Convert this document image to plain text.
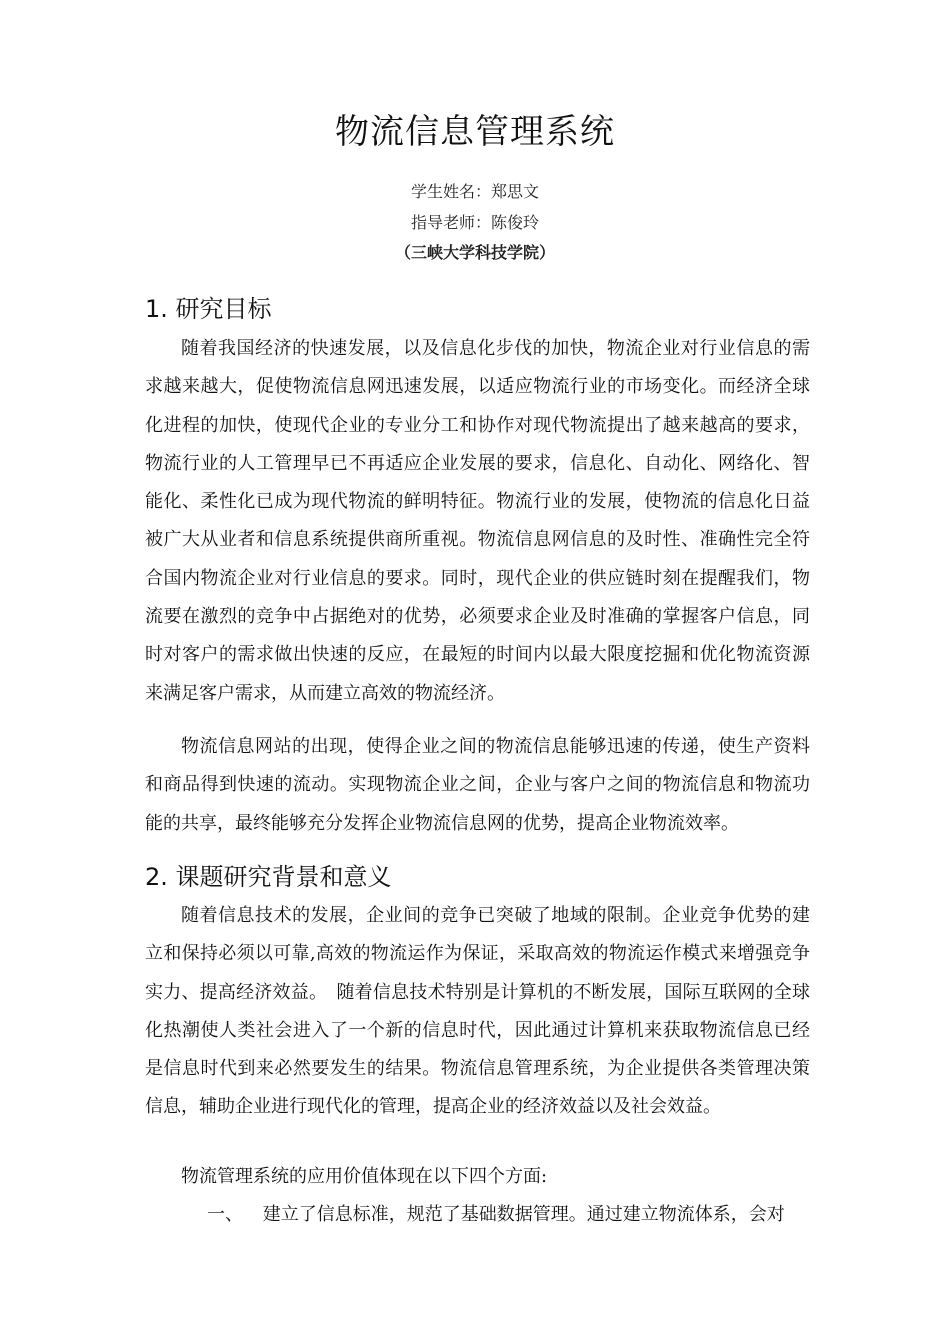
物流信息管理系统
学生姓名：郑思文
指导老师：陈俊玲
（三峡大学科技学院）
1. 研究目标

随着我国经济的快速发展，以及信息化步伐的加快，物流企业对行业信息的需求越来越大，促使物流信息网迅速发展，以适应物流行业的市场变化。而经济全球化进程的加快，使现代企业的专业分工和协作对现代物流提出了越来越高的要求，物流行业的人工管理早已不再适应企业发展的要求，信息化、自动化、网络化、智能化、柔性化已成为现代物流的鲜明特征。物流行业的发展，使物流的信息化日益被广大从业者和信息系统提供商所重视。物流信息网信息的及时性、准确性完全符合国内物流企业对行业信息的要求。同时，现代企业的供应链时刻在提醒我们，物流要在激烈的竞争中占据绝对的优势，必须要求企业及时准确的掌握客户信息，同时对客户的需求做出快速的反应，在最短的时间内以最大限度挖掘和优化物流资源来满足客户需求，从而建立高效的物流经济。

物流信息网站的出现，使得企业之间的物流信息能够迅速的传递，使生产资料和商品得到快速的流动。实现物流企业之间，企业与客户之间的物流信息和物流功能的共享，最终能够充分发挥企业物流信息网的优势，提高企业物流效率。

2. 课题研究背景和意义

随着信息技术的发展，企业间的竞争已突破了地域的限制。企业竞争优势的建立和保持必须以可靠,高效的物流运作为保证，采取高效的物流运作模式来增强竞争实力、提高经济效益。　随着信息技术特别是计算机的不断发展，国际互联网的全球化热潮使人类社会进入了一个新的信息时代，因此通过计算机来获取物流信息已经是信息时代到来必然要发生的结果。物流信息管理系统，为企业提供各类管理决策信息，辅助企业进行现代化的管理，提高企业的经济效益以及社会效益。

物流管理系统的应用价值体现在以下四个方面:

一、 建立了信息标准，规范了基础数据管理。通过建立物流体系，会对
